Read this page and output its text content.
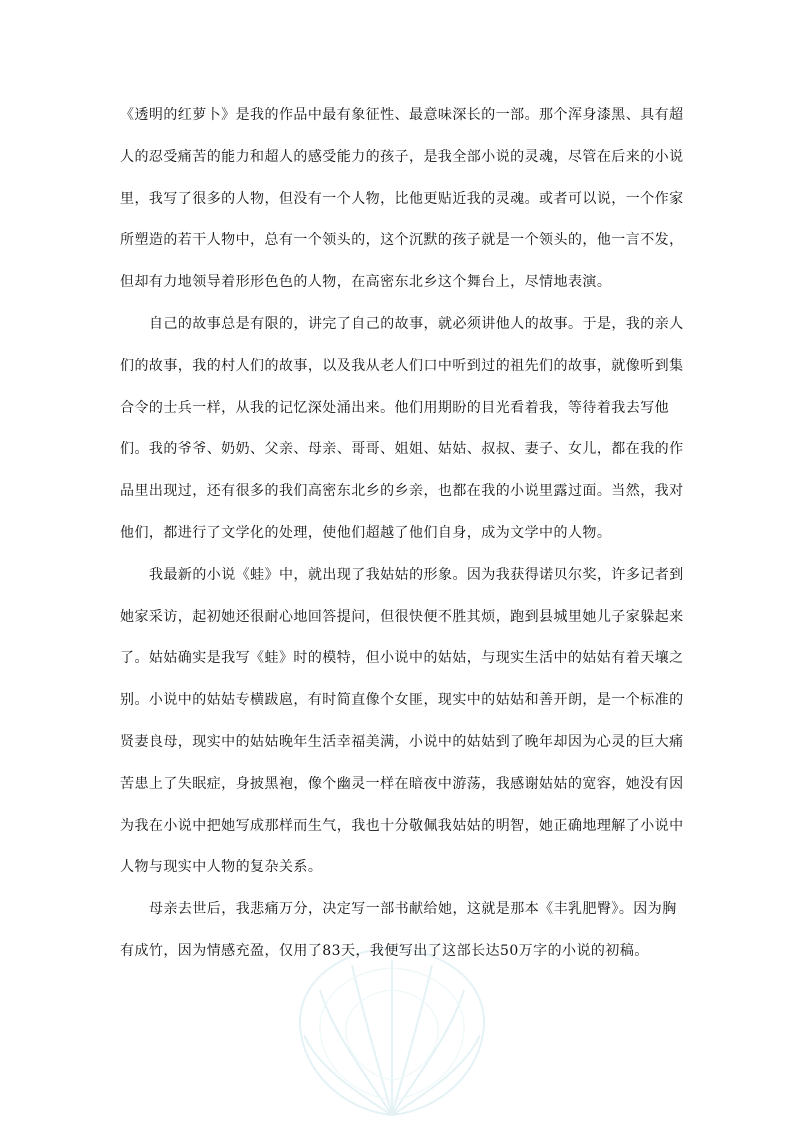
《透明的红萝卜》是我的作品中最有象征性、最意味深长的一部。那个浑身漆黑、具有超
人的忍受痛苦的能力和超人的感受能力的孩子，是我全部小说的灵魂，尽管在后来的小说
里，我写了很多的人物，但没有一个人物，比他更贴近我的灵魂。或者可以说，一个作家
所塑造的若干人物中，总有一个领头的，这个沉默的孩子就是一个领头的，他一言不发，
但却有力地领导着形形色色的人物，在高密东北乡这个舞台上，尽情地表演。
自己的故事总是有限的，讲完了自己的故事，就必须讲他人的故事。于是，我的亲人
们的故事，我的村人们的故事，以及我从老人们口中听到过的祖先们的故事，就像听到集
合令的士兵一样，从我的记忆深处涌出来。他们用期盼的目光看着我，等待着我去写他
们。我的爷爷、奶奶、父亲、母亲、哥哥、姐姐、姑姑、叔叔、妻子、女儿，都在我的作
品里出现过，还有很多的我们高密东北乡的乡亲，也都在我的小说里露过面。当然，我对
他们，都进行了文学化的处理，使他们超越了他们自身，成为文学中的人物。
我最新的小说《蛙》中，就出现了我姑姑的形象。因为我获得诺贝尔奖，许多记者到
她家采访，起初她还很耐心地回答提问，但很快便不胜其烦，跑到县城里她儿子家躲起来
了。姑姑确实是我写《蛙》时的模特，但小说中的姑姑，与现实生活中的姑姑有着天壤之
别。小说中的姑姑专横跋扈，有时简直像个女匪，现实中的姑姑和善开朗，是一个标准的
贤妻良母，现实中的姑姑晚年生活幸福美满，小说中的姑姑到了晚年却因为心灵的巨大痛
苦患上了失眠症，身披黑袍，像个幽灵一样在暗夜中游荡，我感谢姑姑的宽容，她没有因
为我在小说中把她写成那样而生气，我也十分敬佩我姑姑的明智，她正确地理解了小说中
人物与现实中人物的复杂关系。
母亲去世后，我悲痛万分，决定写一部书献给她，这就是那本《丰乳肥臀》。因为胸
有成竹，因为情感充盈，仅用了83天，我便写出了这部长达50万字的小说的初稿。
